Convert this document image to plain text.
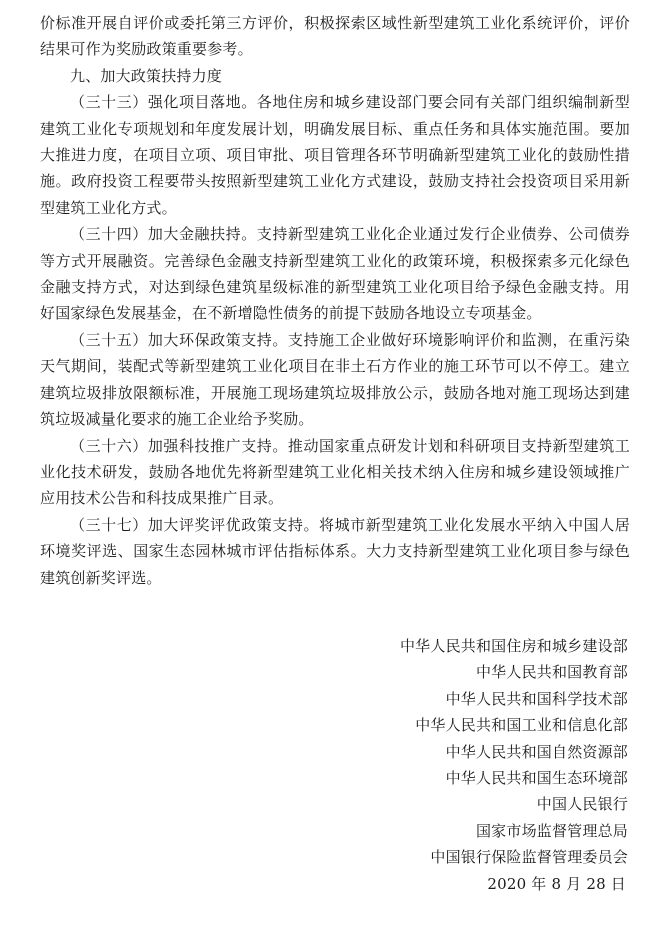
价标准开展自评价或委托第三方评价，积极探索区域性新型建筑工业化系统评价，评价结果可作为奖励政策重要参考。

九、加大政策扶持力度

（三十三）强化项目落地。各地住房和城乡建设部门要会同有关部门组织编制新型建筑工业化专项规划和年度发展计划，明确发展目标、重点任务和具体实施范围。要加大推进力度，在项目立项、项目审批、项目管理各环节明确新型建筑工业化的鼓励性措施。政府投资工程要带头按照新型建筑工业化方式建设，鼓励支持社会投资项目采用新型建筑工业化方式。

（三十四）加大金融扶持。支持新型建筑工业化企业通过发行企业债券、公司债券等方式开展融资。完善绿色金融支持新型建筑工业化的政策环境，积极探索多元化绿色金融支持方式，对达到绿色建筑星级标准的新型建筑工业化项目给予绿色金融支持。用好国家绿色发展基金，在不新增隐性债务的前提下鼓励各地设立专项基金。

（三十五）加大环保政策支持。支持施工企业做好环境影响评价和监测，在重污染天气期间，装配式等新型建筑工业化项目在非土石方作业的施工环节可以不停工。建立建筑垃圾排放限额标准，开展施工现场建筑垃圾排放公示，鼓励各地对施工现场达到建筑垃圾减量化要求的施工企业给予奖励。

（三十六）加强科技推广支持。推动国家重点研发计划和科研项目支持新型建筑工业化技术研发，鼓励各地优先将新型建筑工业化相关技术纳入住房和城乡建设领域推广应用技术公告和科技成果推广目录。

（三十七）加大评奖评优政策支持。将城市新型建筑工业化发展水平纳入中国人居环境奖评选、国家生态园林城市评估指标体系。大力支持新型建筑工业化项目参与绿色建筑创新奖评选。

中华人民共和国住房和城乡建设部

中华人民共和国教育部

中华人民共和国科学技术部

中华人民共和国工业和信息化部

中华人民共和国自然资源部

中华人民共和国生态环境部

中国人民银行

国家市场监督管理总局

中国银行保险监督管理委员会

2020 年 8 月 28 日
